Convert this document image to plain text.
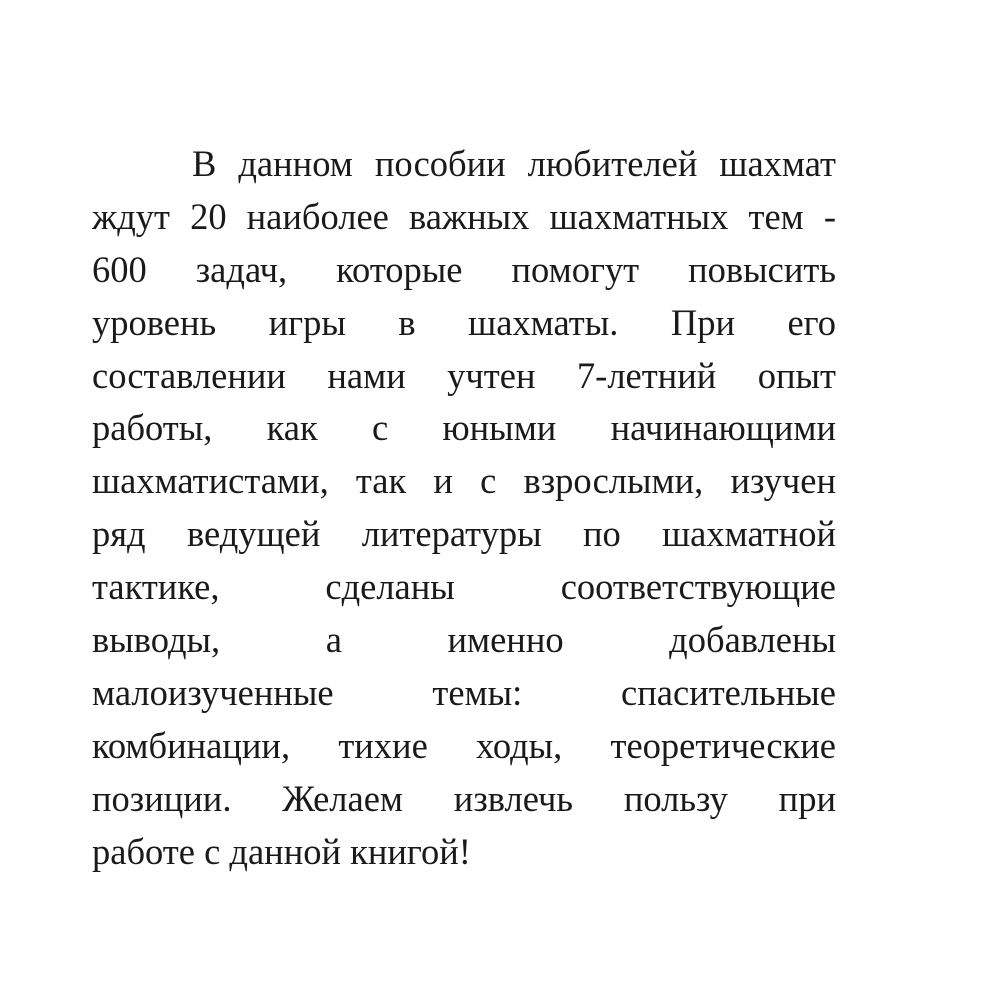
В данном пособии любителей шахмат
ждут 20 наиболее важных шахматных тем -
600 задач, которые помогут повысить
уровень игры в шахматы. При его
составлении нами учтен 7-летний опыт
работы, как с юными начинающими
шахматистами, так и с взрослыми, изучен
ряд ведущей литературы по шахматной
тактике, сделаны соответствующие
выводы, а именно добавлены
малоизученные темы: спасительные
комбинации, тихие ходы, теоретические
позиции. Желаем извлечь пользу при
работе с данной книгой!
